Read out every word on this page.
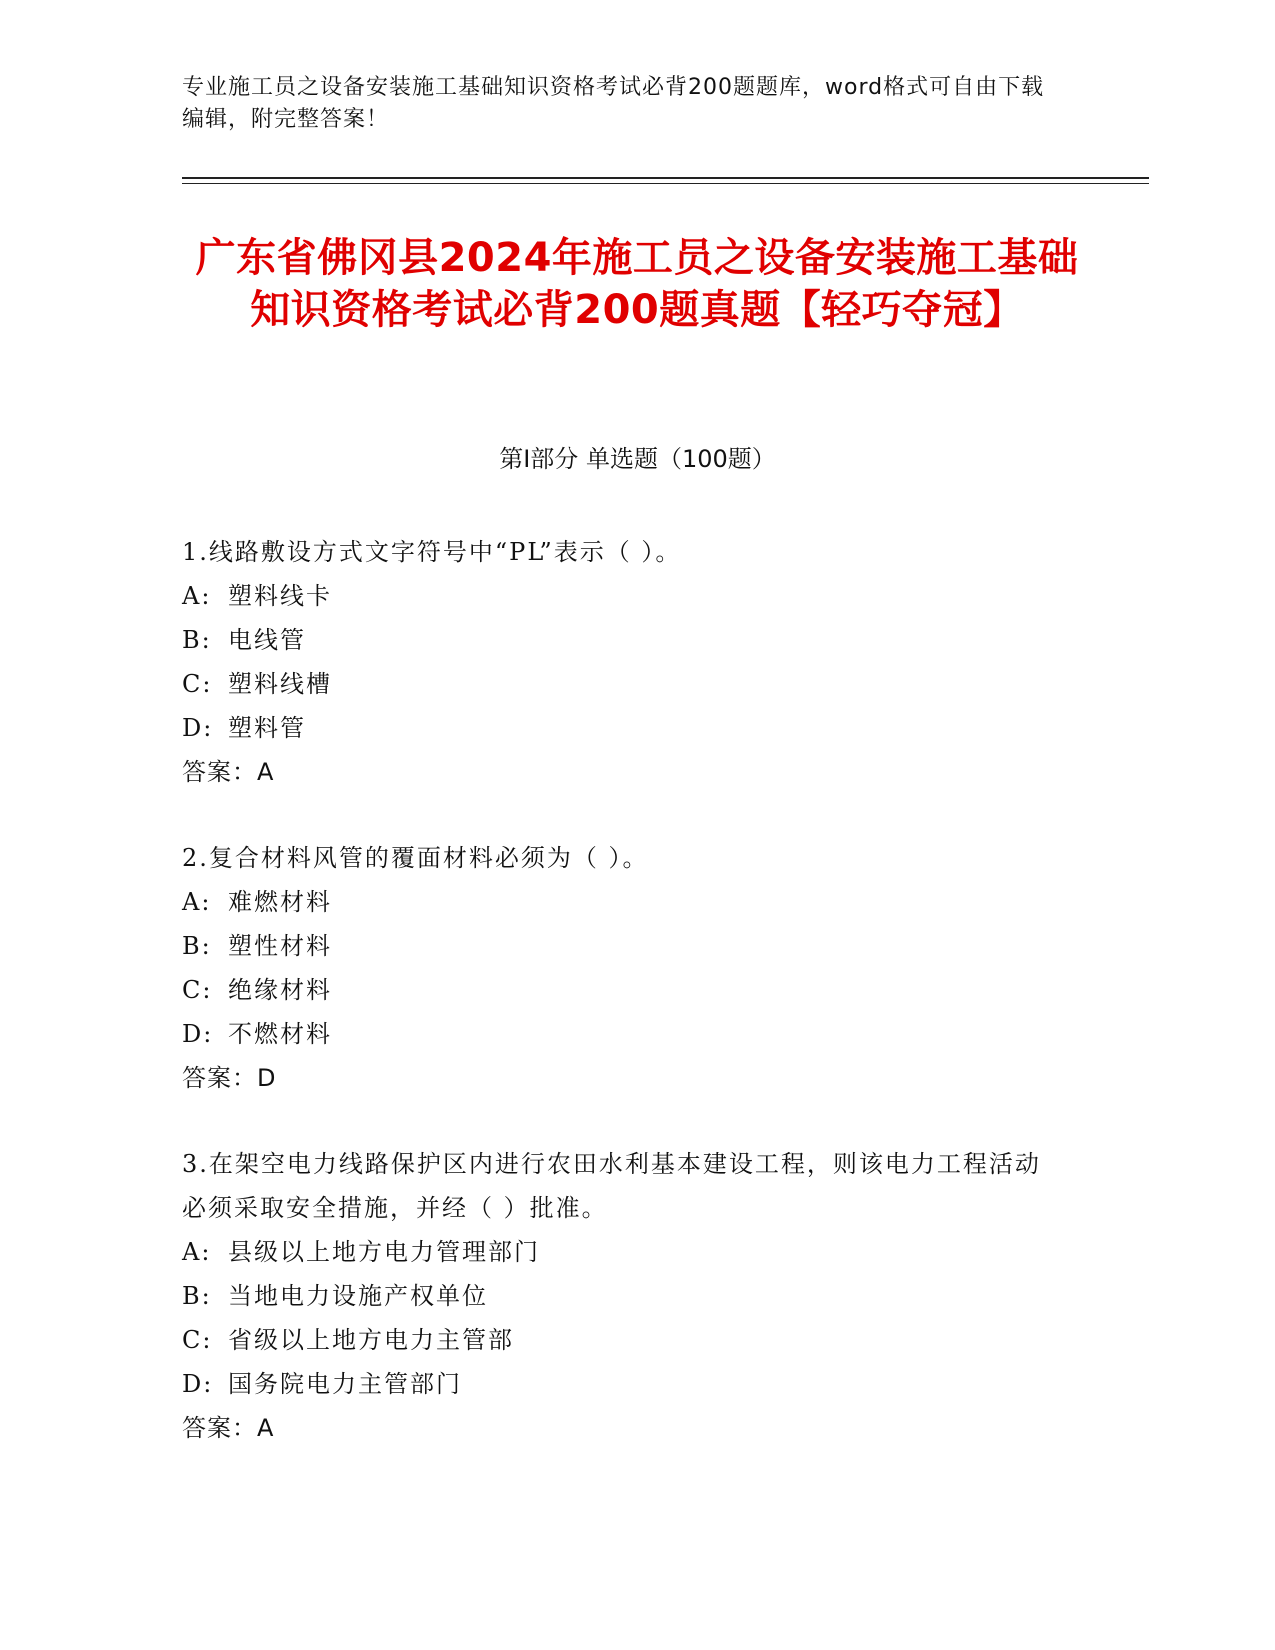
专业施工员之设备安装施工基础知识资格考试必背200题题库，word格式可自由下载编辑，附完整答案！
广东省佛冈县2024年施工员之设备安装施工基础知识资格考试必背200题真题【轻巧夺冠】
第I部分 单选题（100题）

1.线路敷设方式文字符号中“PL”表示（ ）。

A: 塑料线卡
B: 电线管
C: 塑料线槽
D: 塑料管
答案：A

2.复合材料风管的覆面材料必须为（ ）。

A: 难燃材料
B: 塑性材料
C: 绝缘材料
D: 不燃材料
答案：D

3.在架空电力线路保护区内进行农田水利基本建设工程，则该电力工程活动必须采取安全措施，并经（ ）批准。

A: 县级以上地方电力管理部门
B: 当地电力设施产权单位
C: 省级以上地方电力主管部
D: 国务院电力主管部门
答案：A
